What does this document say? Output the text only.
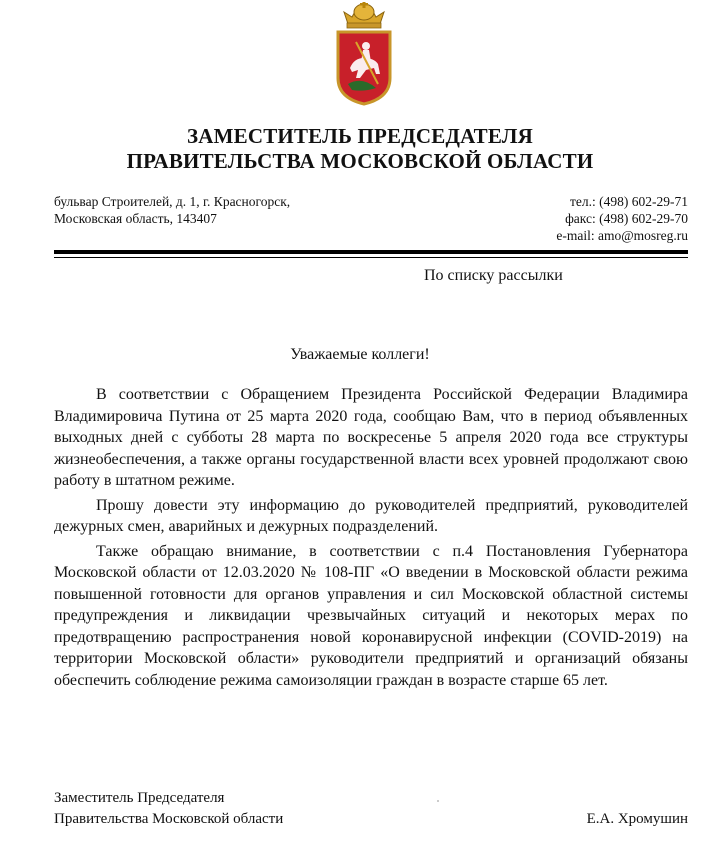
ЗАМЕСТИТЕЛЬ ПРЕДСЕДАТЕЛЯ
ПРАВИТЕЛЬСТВА МОСКОВСКОЙ ОБЛАСТИ
бульвар Строителей, д. 1, г. Красногорск,
Московская область, 143407
тел.: (498) 602-29-71
факс: (498) 602-29-70
e-mail: amo@mosreg.ru
По списку рассылки
Уважаемые коллеги!

В соответствии с Обращением Президента Российской Федерации Владимира Владимировича Путина от 25 марта 2020 года, сообщаю Вам, что в период объявленных выходных дней с субботы 28 марта по воскресенье 5 апреля 2020 года все структуры жизнеобеспечения, а также органы государственной власти всех уровней продолжают свою работу в штатном режиме.

Прошу довести эту информацию до руководителей предприятий, руководителей дежурных смен, аварийных и дежурных подразделений.

Также обращаю внимание, в соответствии с п.4 Постановления Губернатора Московской области от 12.03.2020 № 108-ПГ «О введении в Московской области режима повышенной готовности для органов управления и сил Московской областной системы предупреждения и ликвидации чрезвычайных ситуаций и некоторых мерах по предотвращению распространения новой коронавирусной инфекции (COVID-2019) на территории Московской области» руководители предприятий и организаций обязаны обеспечить соблюдение режима самоизоляции граждан в возрасте старше 65 лет.

Заместитель Председателя
Правительства Московской области	Е.А. Хромушин
